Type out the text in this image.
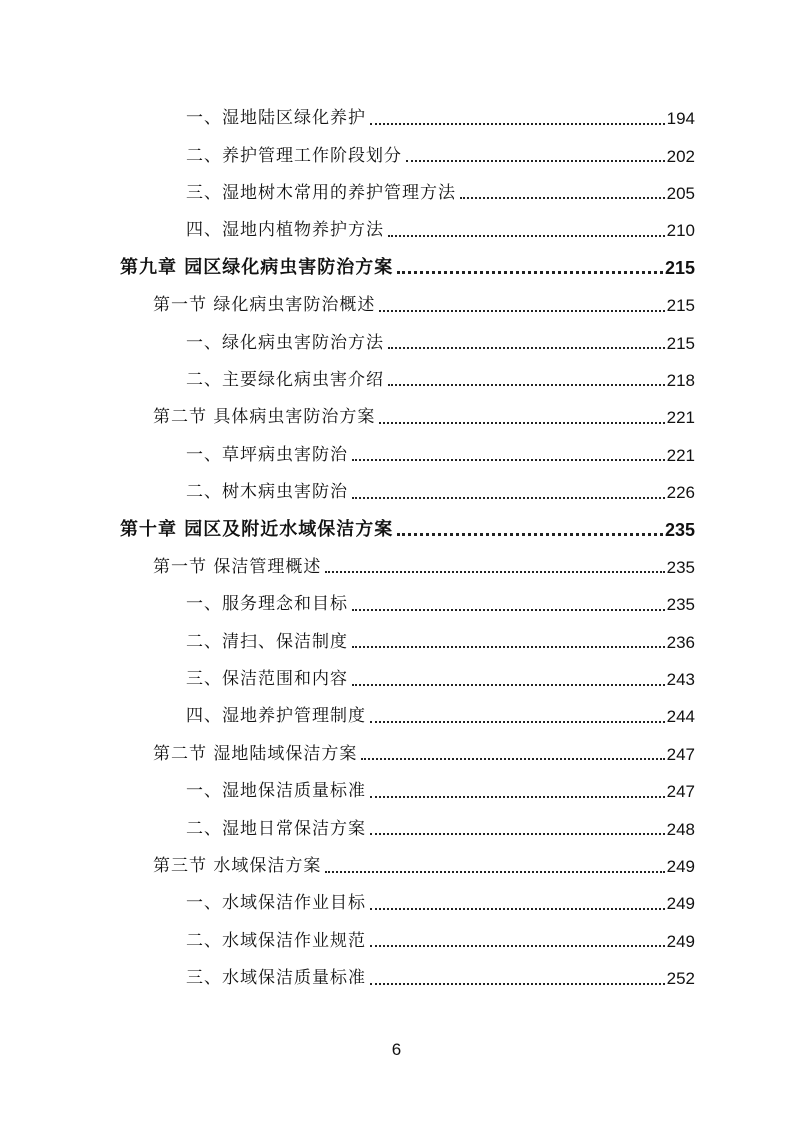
一、湿地陆区绿化养护	194
二、养护管理工作阶段划分	202
三、湿地树木常用的养护管理方法	205
四、湿地内植物养护方法	210
第九章 园区绿化病虫害防治方案	215
第一节 绿化病虫害防治概述	215
一、绿化病虫害防治方法	215
二、主要绿化病虫害介绍	218
第二节 具体病虫害防治方案	221
一、草坪病虫害防治	221
二、树木病虫害防治	226
第十章 园区及附近水域保洁方案	235
第一节 保洁管理概述	235
一、服务理念和目标	235
二、清扫、保洁制度	236
三、保洁范围和内容	243
四、湿地养护管理制度	244
第二节 湿地陆域保洁方案	247
一、湿地保洁质量标准	247
二、湿地日常保洁方案	248
第三节 水域保洁方案	249
一、水域保洁作业目标	249
二、水域保洁作业规范	249
三、水域保洁质量标准	252
6
